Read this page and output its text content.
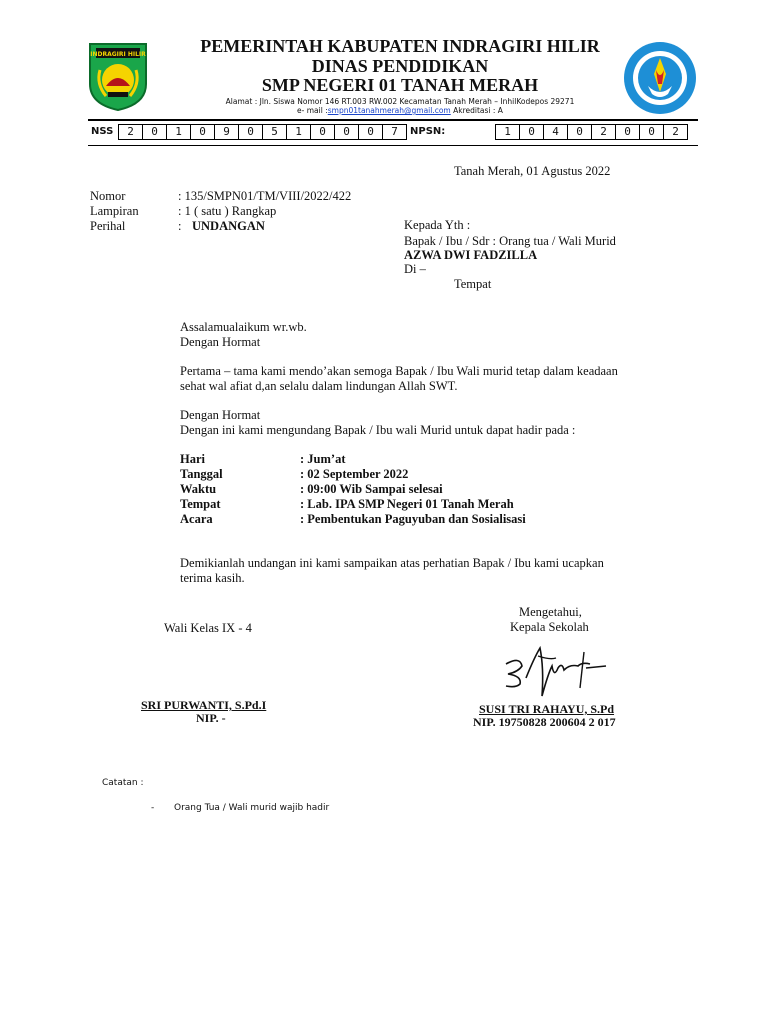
INDRAGIRI HILIR	PEMERINTAH KABUPATEN INDRAGIRI HILIR
DINAS PENDIDIKAN
SMP NEGERI 01 TANAH MERAH
Alamat : Jln. Siswa Nomor 146 RT.003 RW.002 Kecamatan Tanah Merah – InhilKodepos 29271
e- mail :smpn01tanahmerah@gmail.com Akreditasi : A
NSS	2	0	1	0	9	0	5	1	0	0	0	7	NPSN:	1	0	4	0	2	0	0	2
Tanah Merah, 01 Agustus 2022
Nomor	: 135/SMPN01/TM/VIII/2022/422
Lampiran	: 1 ( satu ) Rangkap
Perihal	: UNDANGAN	Kepada Yth :
Bapak / Ibu / Sdr : Orang tua / Wali Murid
AZWA DWI FADZILLA
Di –
Tempat
Assalamualaikum wr.wb.
Dengan Hormat
Pertama – tama kami mendo’akan semoga Bapak / Ibu Wali murid tetap dalam keadaan
sehat wal afiat d,an selalu dalam lindungan Allah SWT.
Dengan Hormat
Dengan ini kami mengundang Bapak / Ibu wali Murid untuk dapat hadir pada :
Hari	: Jum’at
Tanggal	: 02 September 2022
Waktu	: 09:00 Wib Sampai selesai
Tempat	: Lab. IPA SMP Negeri 01 Tanah Merah
Acara	: Pembentukan Paguyuban dan Sosialisasi
Demikianlah undangan ini kami sampaikan atas perhatian Bapak / Ibu kami ucapkan
terima kasih.
Wali Kelas IX - 4
Mengetahui,
Kepala Sekolah
SRI PURWANTI, S.Pd.I
NIP. -
SUSI TRI RAHAYU, S.Pd
NIP. 19750828 200604 2 017
Catatan :
- Orang Tua / Wali murid wajib hadir
